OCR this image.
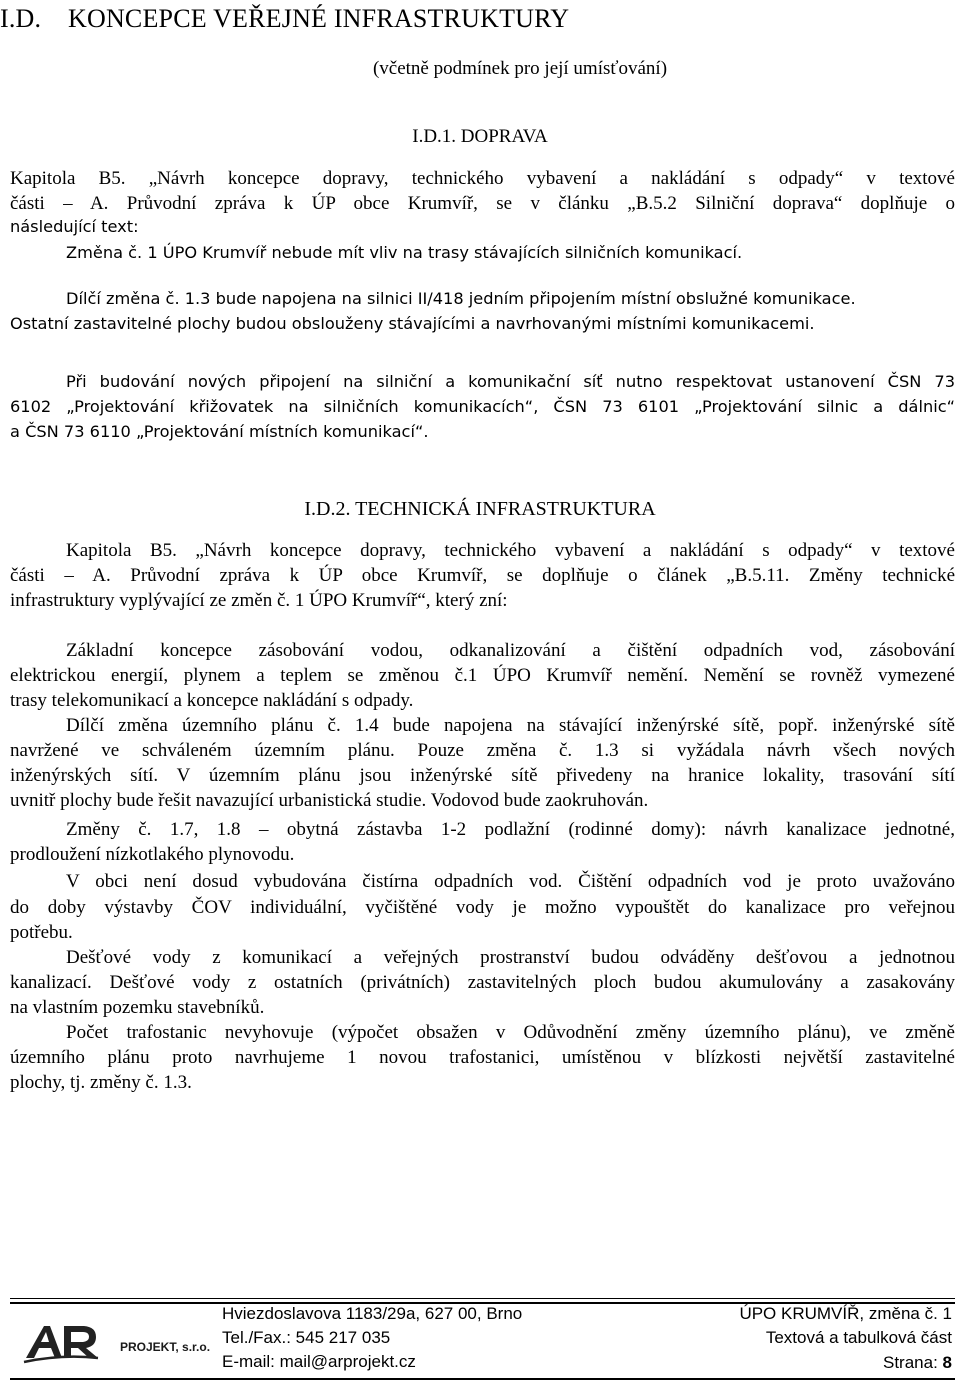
I.D. KONCEPCE VEŘEJNÉ INFRASTRUKTURY
(včetně podmínek pro její umísťování)
I.D.1. DOPRAVA
Kapitola B5. „Návrh koncepce dopravy, technického vybavení a nakládání s odpady“ v textové
části – A. Průvodní zpráva k ÚP obce Krumvíř, se v článku „B.5.2 Silniční doprava“ doplňuje o
následující text:
Změna č. 1 ÚPO Krumvíř nebude mít vliv na trasy stávajících silničních komunikací.
Dílčí změna č. 1.3 bude napojena na silnici II/418 jedním připojením místní obslužné komunikace.
Ostatní zastavitelné plochy budou obslouženy stávajícími a navrhovanými místními komunikacemi.
Při budování nových připojení na silniční a komunikační síť nutno respektovat ustanovení ČSN 73
6102 „Projektování křižovatek na silničních komunikacích“, ČSN 73 6101 „Projektování silnic a dálnic“
a ČSN 73 6110 „Projektování místních komunikací“.
I.D.2. TECHNICKÁ INFRASTRUKTURA
Kapitola B5. „Návrh koncepce dopravy, technického vybavení a nakládání s odpady“ v textové
části – A. Průvodní zpráva k ÚP obce Krumvíř, se doplňuje o článek „B.5.11. Změny technické
infrastruktury vyplývající ze změn č. 1 ÚPO Krumvíř“, který zní:
Základní koncepce zásobování vodou, odkanalizování a čištění odpadních vod, zásobování
elektrickou energií, plynem a teplem se změnou č.1 ÚPO Krumvíř nemění. Nemění se rovněž vymezené
trasy telekomunikací a koncepce nakládání s odpady.
Dílčí změna územního plánu č. 1.4 bude napojena na stávající inženýrské sítě, popř. inženýrské sítě
navržené ve schváleném územním plánu. Pouze změna č. 1.3 si vyžádala návrh všech nových
inženýrských sítí. V územním plánu jsou inženýrské sítě přivedeny na hranice lokality, trasování sítí
uvnitř plochy bude řešit navazující urbanistická studie. Vodovod bude zaokruhován.
Změny č. 1.7, 1.8 – obytná zástavba 1-2 podlažní (rodinné domy): návrh kanalizace jednotné,
prodloužení nízkotlakého plynovodu.
V obci není dosud vybudována čistírna odpadních vod. Čištění odpadních vod je proto uvažováno
do doby výstavby ČOV individuální, vyčištěné vody je možno vypouštět do kanalizace pro veřejnou
potřebu.
Dešťové vody z komunikací a veřejných prostranství budou odváděny dešťovou a jednotnou
kanalizací. Dešťové vody z ostatních (privátních) zastavitelných ploch budou akumulovány a zasakovány
na vlastním pozemku stavebníků.
Počet trafostanic nevyhovuje (výpočet obsažen v Odůvodnění změny územního plánu), ve změně
územního plánu proto navrhujeme 1 novou trafostanici, umístěnou v blízkosti největší zastavitelné
plochy, tj. změny č. 1.3.
PROJEKT, s.r.o.
Hviezdoslavova 1183/29a, 627 00, Brno
Tel./Fax.: 545 217 035
E-mail: mail@arprojekt.cz
ÚPO KRUMVÍŘ, změna č. 1
Textová a tabulková část
Strana: 8
